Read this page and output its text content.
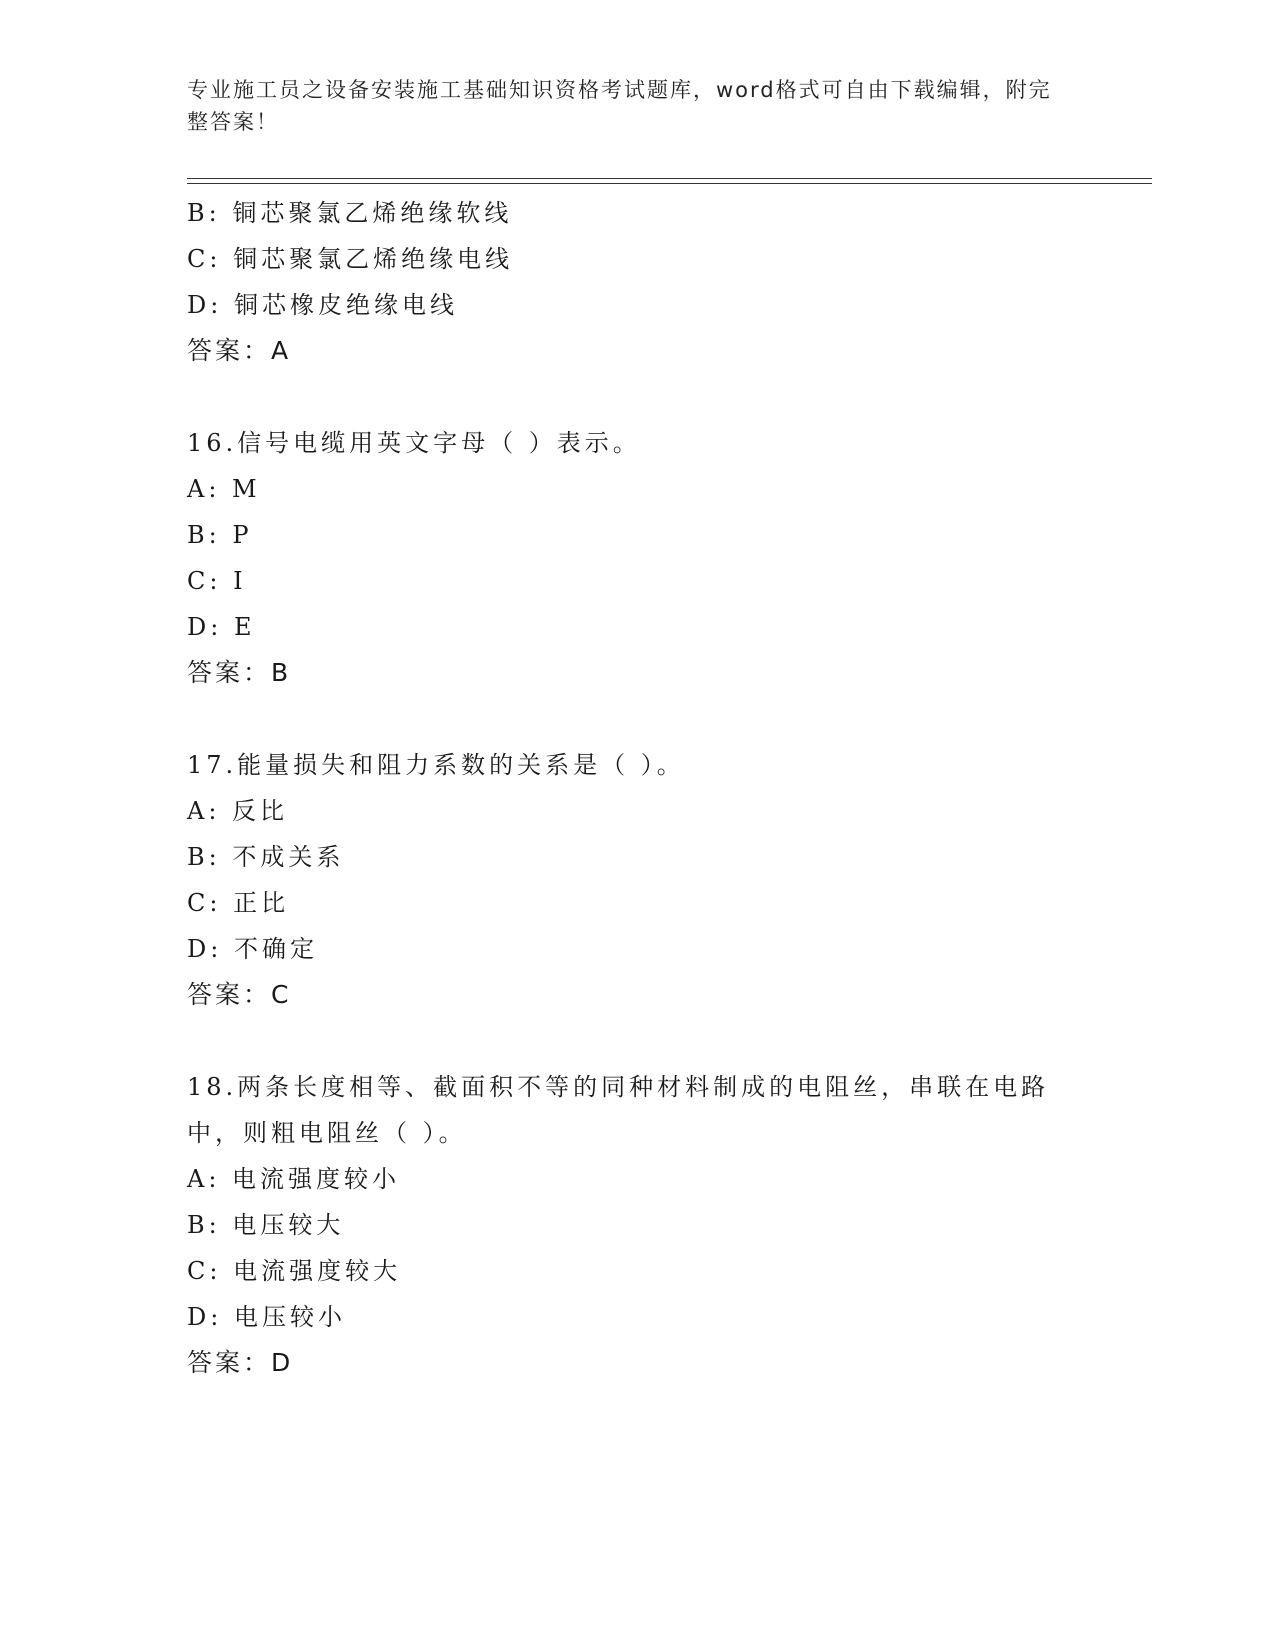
专业施工员之设备安装施工基础知识资格考试题库，word格式可自由下载编辑，附完整答案！
B: 铜芯聚氯乙烯绝缘软线
C: 铜芯聚氯乙烯绝缘电线
D: 铜芯橡皮绝缘电线
答案：A
16.信号电缆用英文字母（ ）表示。
A: M
B: P
C: I
D: E
答案：B
17.能量损失和阻力系数的关系是（ ）。
A: 反比
B: 不成关系
C: 正比
D: 不确定
答案：C
18.两条长度相等、截面积不等的同种材料制成的电阻丝，串联在电路中，则粗电阻丝（ ）。
A: 电流强度较小
B: 电压较大
C: 电流强度较大
D: 电压较小
答案：D
